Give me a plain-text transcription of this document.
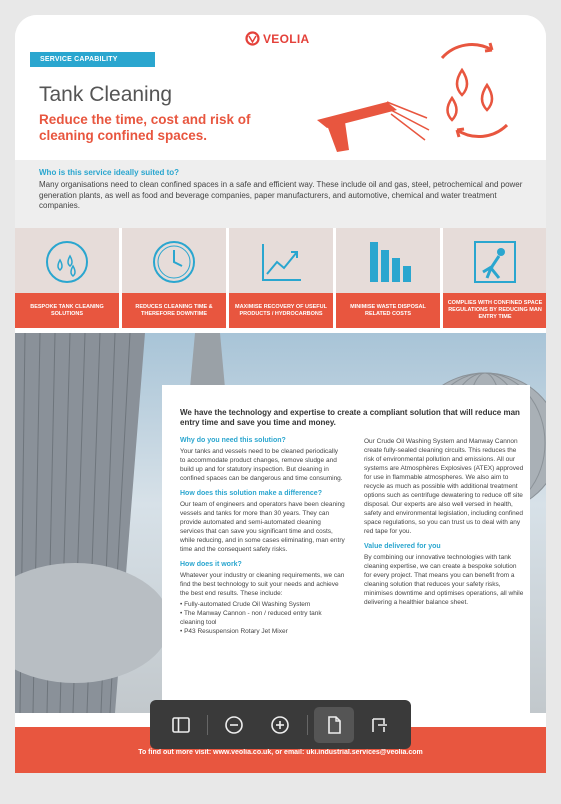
SERVICE CAPABILITY
VEOLIA
Tank Cleaning
Reduce the time, cost and risk of cleaning confined spaces.
Who is this service ideally suited to?
Many organisations need to clean confined spaces in a safe and efficient way. These include oil and gas, steel, petrochemical and power generation plants, as well as food and beverage companies, paper manufacturers, and automotive, chemical and water treatment companies.
BESPOKE TANK CLEANING SOLUTIONS
REDUCES CLEANING TIME & THEREFORE DOWNTIME
MAXIMISE RECOVERY OF USEFUL PRODUCTS / HYDROCARBONS
MINIMISE WASTE DISPOSAL RELATED COSTS
COMPLIES WITH CONFINED SPACE REGULATIONS BY REDUCING MAN ENTRY TIME
We have the technology and expertise to create a compliant solution that will reduce man entry time and save you time and money.
Why do you need this solution?
Your tanks and vessels need to be cleaned periodically to accommodate product changes, remove sludge and build up and for statutory inspection. But cleaning in confined spaces can be dangerous and time consuming.
How does this solution make a difference?
Our team of engineers and operators have been cleaning vessels and tanks for more than 30 years. They can provide automated and semi-automated cleaning services that can save you significant time and costs, while reducing, and in some cases eliminating, man entry time and the consequent safety risks.
How does it work?
Whatever your industry or cleaning requirements, we can find the best technology to suit your needs and achieve the best end results. These include:
• Fully-automated Crude Oil Washing System
• The Manway Cannon - non / reduced entry tank cleaning tool
• P43 Resuspension Rotary Jet Mixer
Our Crude Oil Washing System and Manway Cannon create fully-sealed cleaning circuits. This reduces the risk of environmental pollution and emissions. All our systems are Atmosphères Explosives (ATEX) approved for use in flammable atmospheres. We also aim to recycle as much as possible with additional treatment options such as centrifuge dewatering to reduce off site disposal. Our experts are also well versed in health, safety and environmental legislation, including confined space regulations, so you can trust us to deal with any red tape for you.
Value delivered for you
By combining our innovative technologies with tank cleaning expertise, we can create a bespoke solution for every project. That means you can benefit from a cleaning solution that reduces your safety risks, minimises downtime and optimises operations, all while delivering a healthier balance sheet.
To find out more visit: www.veolia.co.uk, or email: uki.industrial.services@veolia.com
